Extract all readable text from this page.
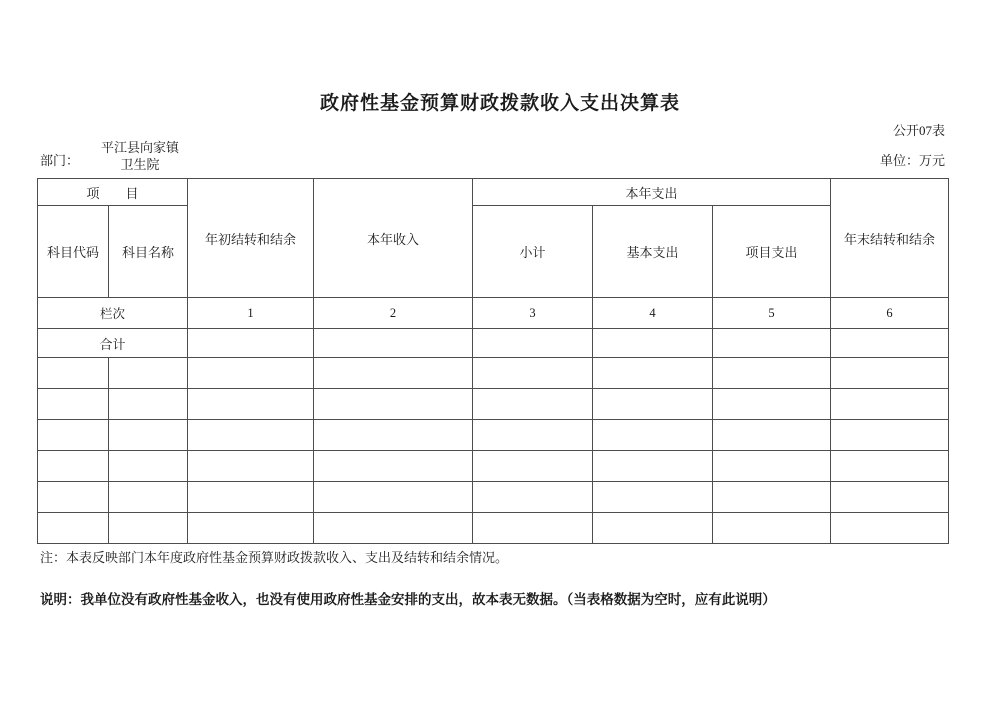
政府性基金预算财政拨款收入支出决算表
公开07表
部门：
平江县向家镇
卫生院	单位：万元
项　　目		年初结转和结余	本年收入	本年支出			年末结转和结余
科目代码	科目名称			小计	基本支出	项目支出	
栏次		1	2	3	4	5	6
合计							

注：本表反映部门本年度政府性基金预算财政拨款收入、支出及结转和结余情况。
说明：我单位没有政府性基金收入，也没有使用政府性基金安排的支出，故本表无数据。（当表格数据为空时，应有此说明）
